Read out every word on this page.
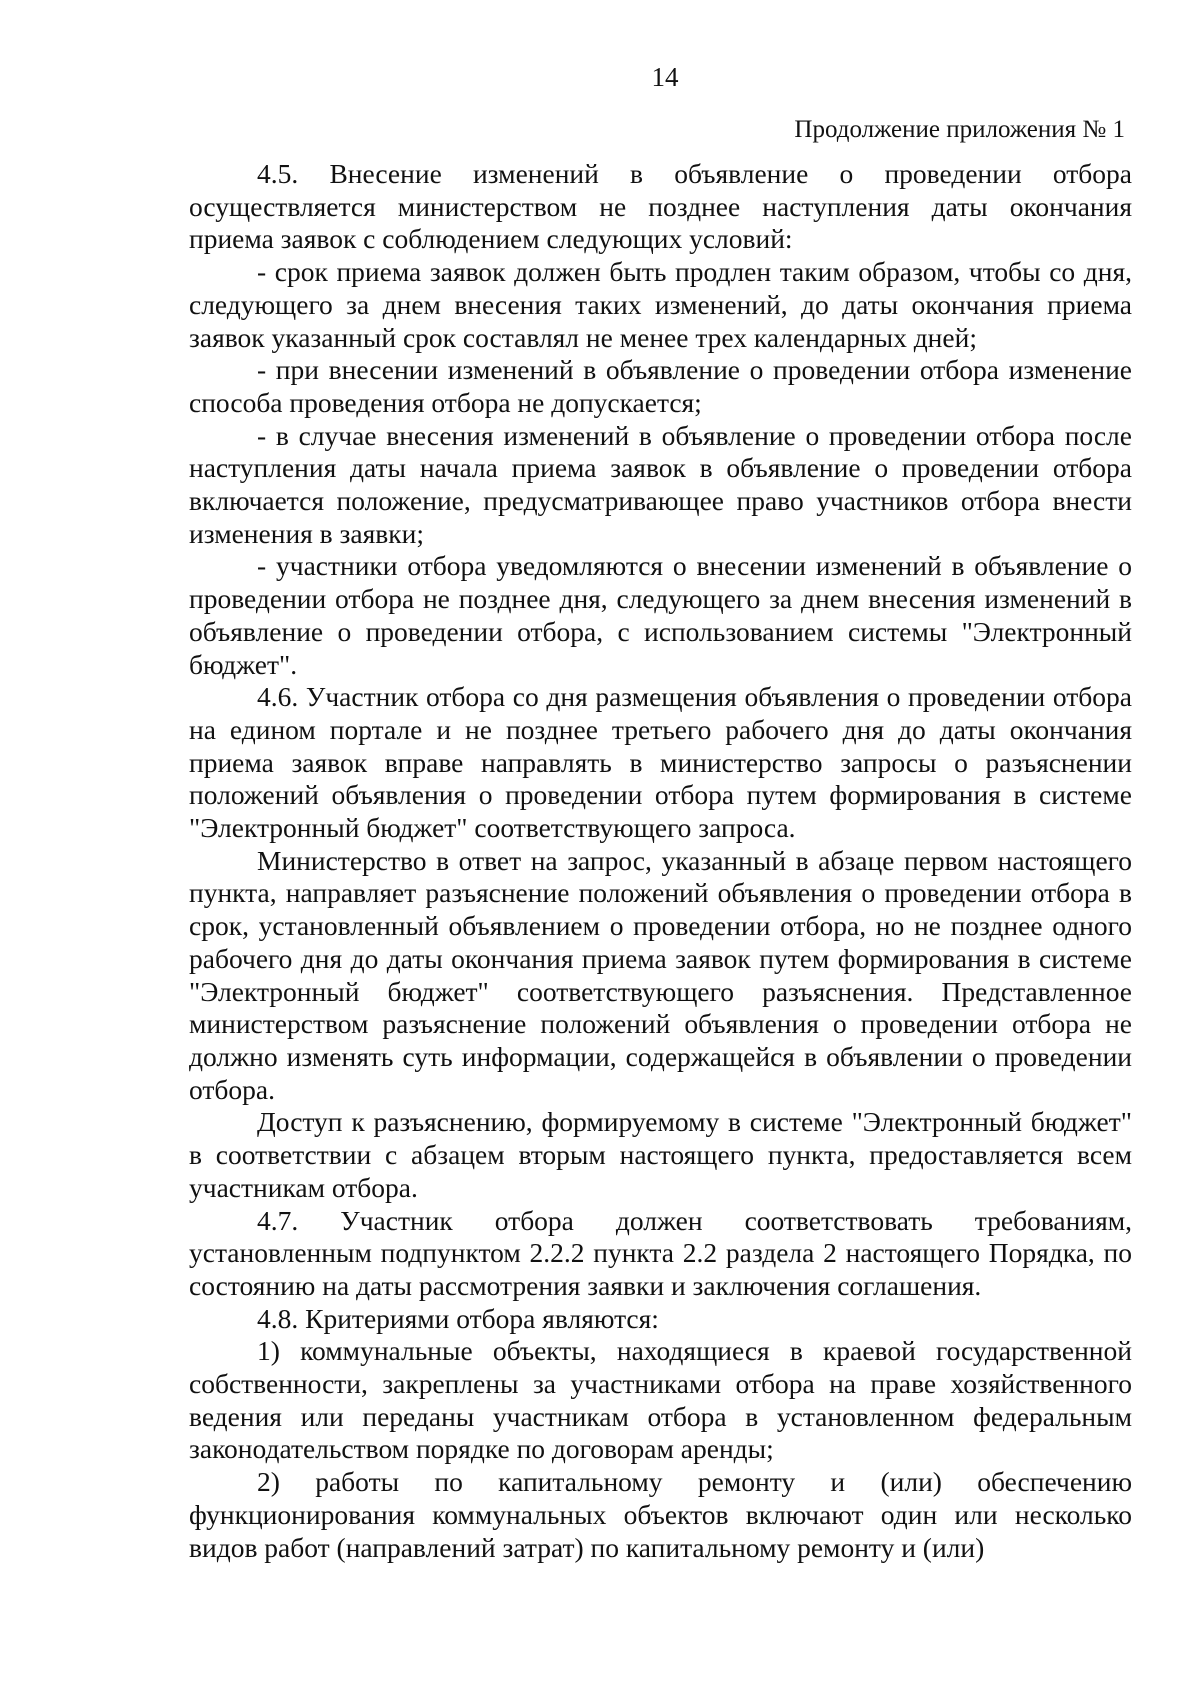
14
Продолжение приложения № 1

4.5. Внесение изменений в объявление о проведении отбора осуществляется министерством не позднее наступления даты окончания приема заявок с соблюдением следующих условий:

- срок приема заявок должен быть продлен таким образом, чтобы со дня, следующего за днем внесения таких изменений, до даты окончания приема заявок указанный срок составлял не менее трех календарных дней;

- при внесении изменений в объявление о проведении отбора изменение способа проведения отбора не допускается;

- в случае внесения изменений в объявление о проведении отбора после наступления даты начала приема заявок в объявление о проведении отбора включается положение, предусматривающее право участников отбора внести изменения в заявки;

- участники отбора уведомляются о внесении изменений в объявление о проведении отбора не позднее дня, следующего за днем внесения изменений в объявление о проведении отбора, с использованием системы "Электронный бюджет".

4.6. Участник отбора со дня размещения объявления о проведении отбора на едином портале и не позднее третьего рабочего дня до даты окончания приема заявок вправе направлять в министерство запросы о разъяснении положений объявления о проведении отбора путем формирования в системе "Электронный бюджет" соответствующего запроса.

Министерство в ответ на запрос, указанный в абзаце первом настоящего пункта, направляет разъяснение положений объявления о проведении отбора в срок, установленный объявлением о проведении отбора, но не позднее одного рабочего дня до даты окончания приема заявок путем формирования в системе "Электронный бюджет" соответствующего разъяснения. Представленное министерством разъяснение положений объявления о проведении отбора не должно изменять суть информации, содержащейся в объявлении о проведении отбора.

Доступ к разъяснению, формируемому в системе "Электронный бюджет" в соответствии с абзацем вторым настоящего пункта, предоставляется всем участникам отбора.

4.7. Участник отбора должен соответствовать требованиям, установленным подпунктом 2.2.2 пункта 2.2 раздела 2 настоящего Порядка, по состоянию на даты рассмотрения заявки и заключения соглашения.

4.8. Критериями отбора являются:

1) коммунальные объекты, находящиеся в краевой государственной собственности, закреплены за участниками отбора на праве хозяйственного ведения или переданы участникам отбора в установленном федеральным законодательством порядке по договорам аренды;

2) работы по капитальному ремонту и (или) обеспечению функционирования коммунальных объектов включают один или несколько видов работ (направлений затрат) по капитальному ремонту и (или)
